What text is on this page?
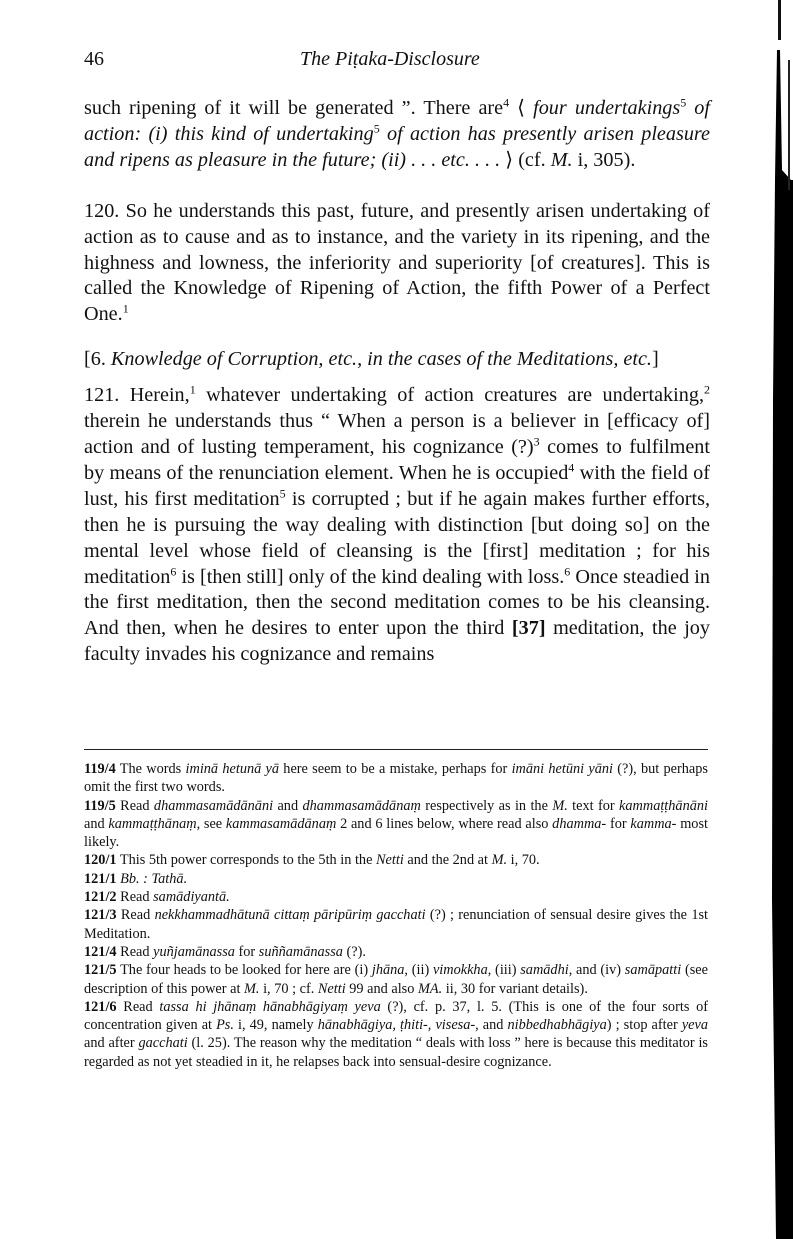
46	The Piṭaka-Disclosure

such ripening of it will be generated ”. There are$^4$ ⟨ four undertakings$^5$ of action: (i) this kind of undertaking$^5$ of action has presently arisen pleasure and ripens as pleasure in the future; (ii) . . . etc. . . . ⟩ (cf. M. i, 305).

120. So he understands this past, future, and presently arisen undertaking of action as to cause and as to instance, and the variety in its ripening, and the highness and lowness, the inferiority and superiority [of creatures]. This is called the Knowledge of Ripening of Action, the fifth Power of a Perfect One.$^1$

[6. Knowledge of Corruption, etc., in the cases of the Meditations, etc.]

121. Herein,$^1$ whatever undertaking of action creatures are undertaking,$^2$ therein he understands thus “ When a person is a believer in [efficacy of] action and of lusting temperament, his cognizance (?)$^3$ comes to fulfilment by means of the renunciation element. When he is occupied$^4$ with the field of lust, his first meditation$^5$ is corrupted ; but if he again makes further efforts, then he is pursuing the way dealing with distinction [but doing so] on the mental level whose field of cleansing is the [first] meditation ; for his meditation$^6$ is [then still] only of the kind dealing with loss.$^6$ Once steadied in the first meditation, then the second meditation comes to be his cleansing. And then, when he desires to enter upon the third [37] meditation, the joy faculty invades his cognizance and remains

119/4 The words iminā hetunā yā here seem to be a mistake, perhaps for imāni hetūni yāni (?), but perhaps omit the first two words.

119/5 Read dhammasamādānāni and dhammasamādānaṃ respectively as in the M. text for kammaṭṭhānāni and kammaṭṭhānaṃ, see kammasamādānaṃ 2 and 6 lines below, where read also dhamma- for kamma- most likely.

120/1 This 5th power corresponds to the 5th in the Netti and the 2nd at M. i, 70.

121/1 Bb. : Tathā.

121/2 Read samādiyantā.

121/3 Read nekkhammadhātunā cittaṃ pāripūriṃ gacchati (?) ; renunciation of sensual desire gives the 1st Meditation.

121/4 Read yuñjamānassa for suññamānassa (?).

121/5 The four heads to be looked for here are (i) jhāna, (ii) vimokkha, (iii) samādhi, and (iv) samāpatti (see description of this power at M. i, 70 ; cf. Netti 99 and also MA. ii, 30 for variant details).

121/6 Read tassa hi jhānaṃ hānabhāgiyaṃ yeva (?), cf. p. 37, l. 5. (This is one of the four sorts of concentration given at Ps. i, 49, namely hānabhāgiya, ṭhiti-, visesa-, and nibbedhabhāgiya) ; stop after yeva and after gacchati (l. 25). The reason why the meditation “ deals with loss ” here is because this meditator is regarded as not yet steadied in it, he relapses back into sensual-desire cognizance.
